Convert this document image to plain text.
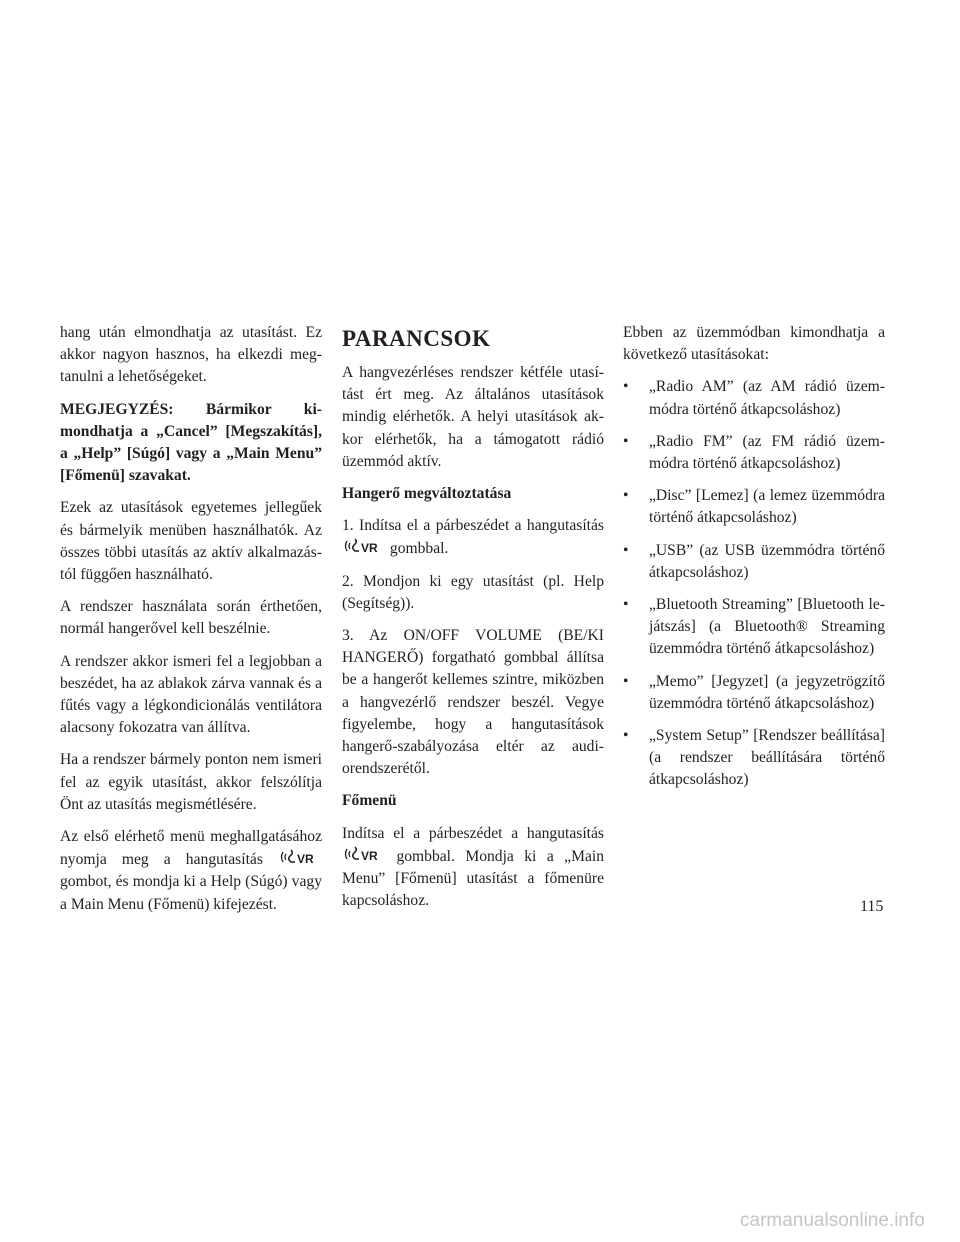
hang után elmondhatja az utasítást. Ez akkor nagyon hasznos, ha elkezdi megtanulni a lehetőségeket.

MEGJEGYZÉS: Bármikor kimondhatja a „Cancel” [Megszakítás], a „Help” [Súgó] vagy a „Main Menu” [Főmenü] szavakat.

Ezek az utasítások egyetemes jellegűek és bármelyik menüben használhatók. Az összes többi utasítás az aktív alkalmazástól függően használható.

A rendszer használata során érthetően, normál hangerővel kell beszélnie.

A rendszer akkor ismeri fel a legjobban a beszédet, ha az ablakok zárva vannak és a fűtés vagy a légkondicionálás ventilátora alacsony fokozatra van állítva.

Ha a rendszer bármely ponton nem ismeri fel az egyik utasítást, akkor felszólítja Önt az utasítás megismétlésére.

Az első elérhető menü meghallgatásához nyomja meg a hangutasítás	VR
gombot, és mondja ki a Help (Súgó) vagy a Main Menu (Főmenü) kifejezést.

PARANCSOK

A hangvezérléses rendszer kétféle utasítást ért meg. Az általános utasítások mindig elérhetők. A helyi utasítások akkor elérhetők, ha a támogatott rádió üzemmód aktív.

Hangerő megváltoztatása

1. Indítsa el a párbeszédet a hangutasítás
VR gombbal.

2. Mondjon ki egy utasítást (pl. Help (Segítség)).

3. Az ON/OFF VOLUME (BE/KI HANGERŐ) forgatható gombbal állítsa be a hangerőt kellemes szintre, miközben a hangvezérlő rendszer beszél. Vegye figyelembe, hogy a hangutasítások hangerő-szabályozása eltér az audiorendszerétől.

Főmenü

Indítsa el a párbeszédet a hangutasítás
VR gombbal. Mondja ki a „Main Menu” [Főmenü] utasítást a főmenüre kapcsoláshoz.

Ebben az üzemmódban kimondhatja a következő utasításokat:

• „Radio AM” (az AM rádió üzemmódra történő átkapcsoláshoz)
• „Radio FM” (az FM rádió üzemmódra történő átkapcsoláshoz)
• „Disc” [Lemez] (a lemez üzemmódra történő átkapcsoláshoz)
• „USB” (az USB üzemmódra történő átkapcsoláshoz)
• „Bluetooth Streaming” [Bluetooth lejátszás] (a Bluetooth® Streaming üzemmódra történő átkapcsoláshoz)
• „Memo” [Jegyzet] (a jegyzetrögzítő üzemmódra történő átkapcsoláshoz)
• „System Setup” [Rendszer beállítása] (a rendszer beállítására történő átkapcsoláshoz)
115
carmanualsonline.info
